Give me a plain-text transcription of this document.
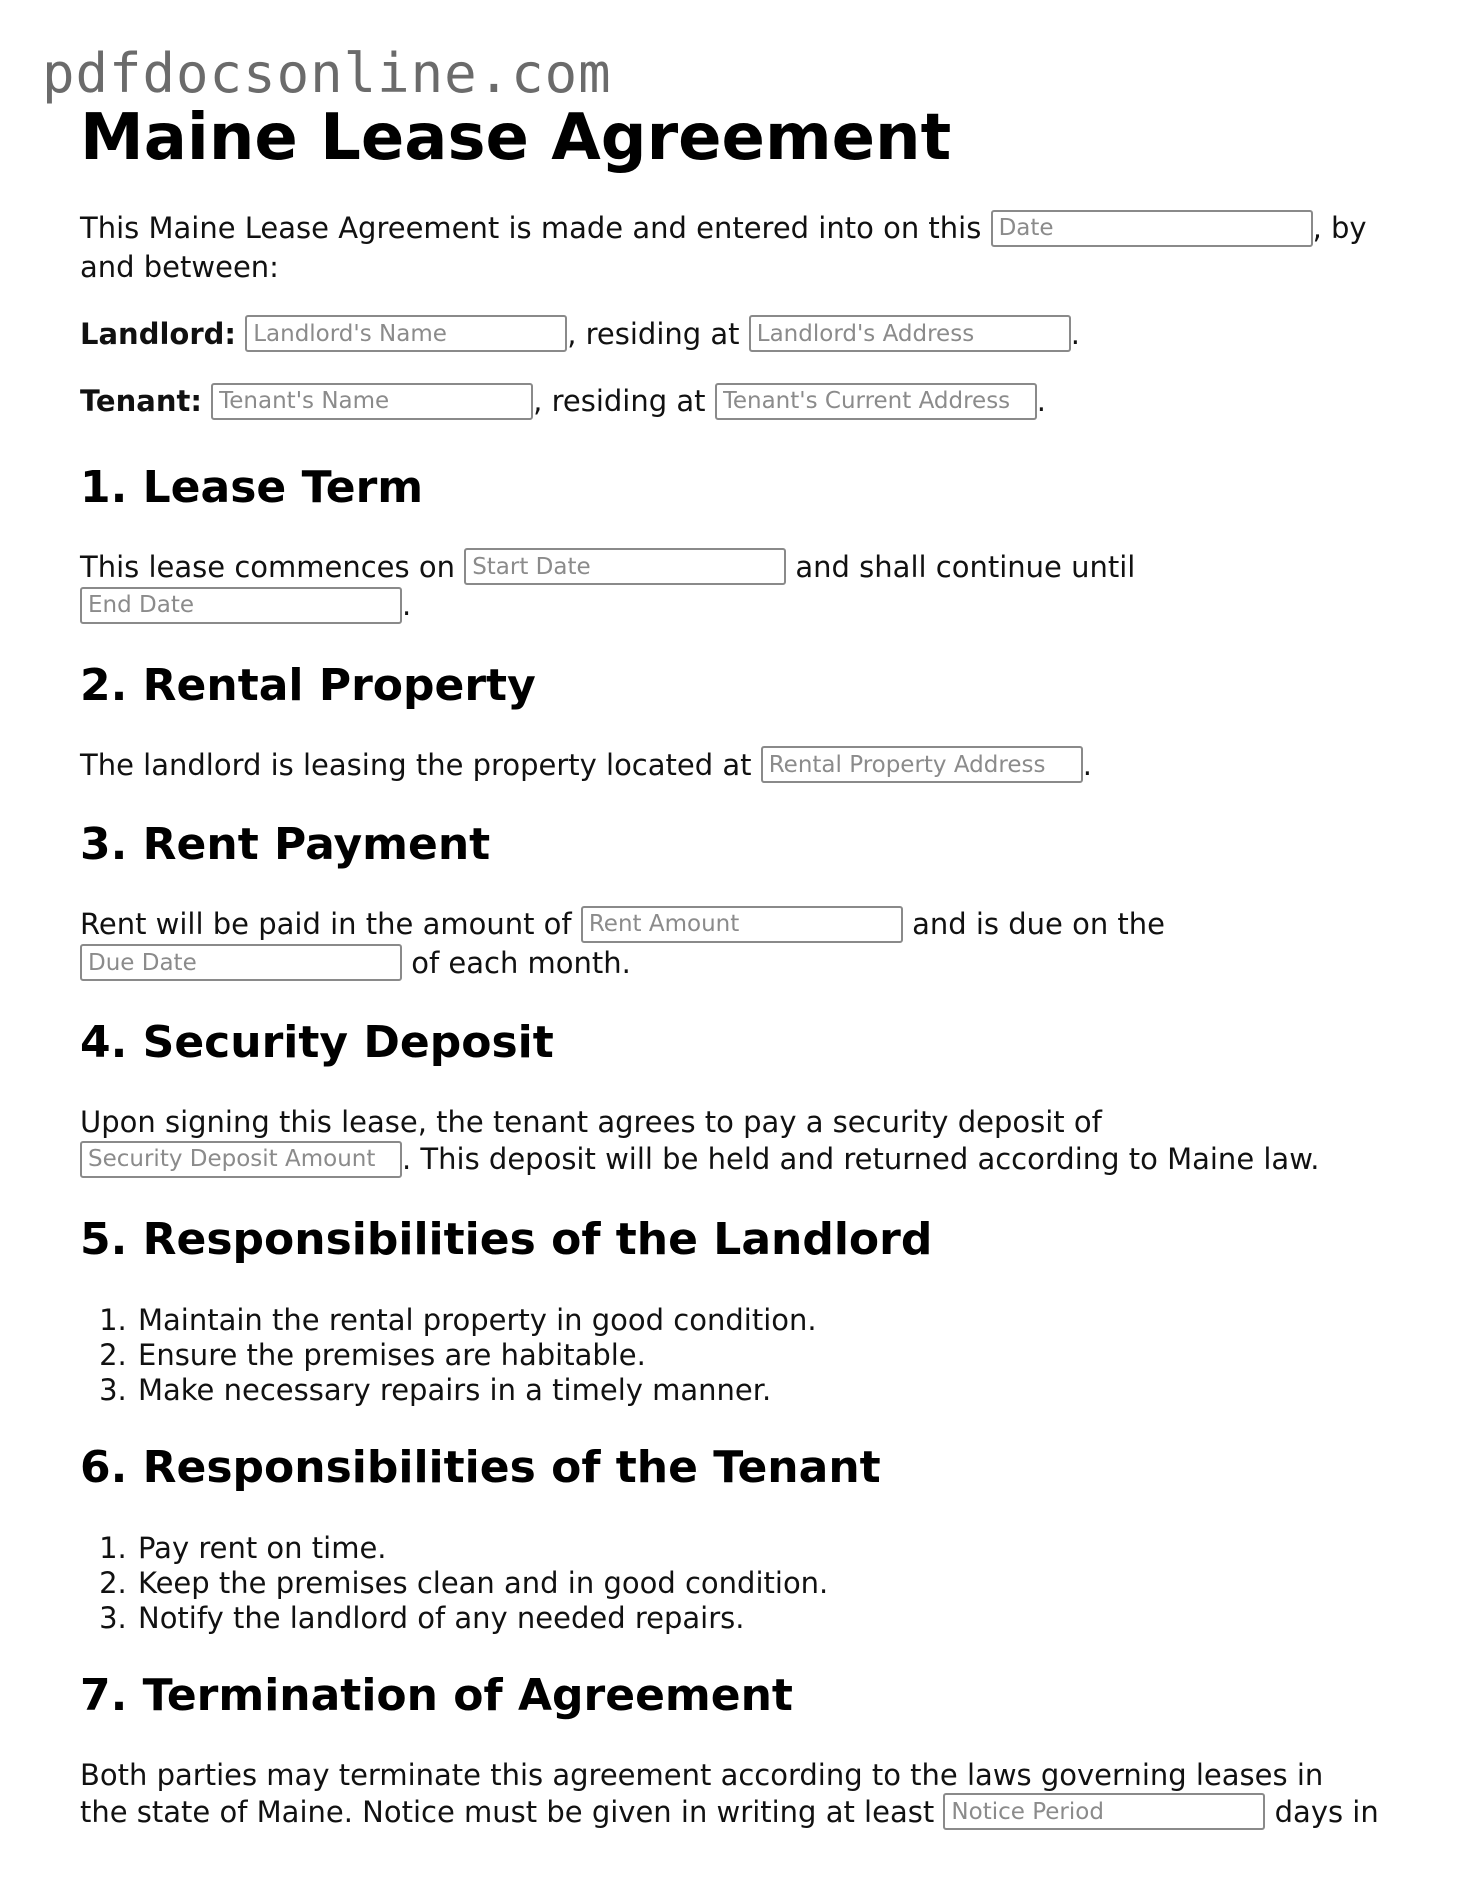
pdfdocsonline.com
Maine Lease Agreement

This Maine Lease Agreement is made and entered into on this Date	, by and between:

Landlord: Landlord's Name	, residing at Landlord's Address	.

Tenant: Tenant's Name	, residing at Tenant's Current Address	.

1. Lease Term

This lease commences on Start Date	and shall continue until End Date.

2. Rental Property

The landlord is leasing the property located at Rental Property Address	.

3. Rent Payment

Rent will be paid in the amount of Rent Amount	and is due on the Due Date of each month.

4. Security Deposit

Upon signing this lease, the tenant agrees to pay a security deposit of Security Deposit Amount. This deposit will be held and returned according to Maine law.

5. Responsibilities of the Landlord
1. Maintain the rental property in good condition.
2. Ensure the premises are habitable.
3. Make necessary repairs in a timely manner.
6. Responsibilities of the Tenant
1. Pay rent on time.
2. Keep the premises clean and in good condition.
3. Notify the landlord of any needed repairs.
7. Termination of Agreement

Both parties may terminate this agreement according to the laws governing leases in the state of Maine. Notice must be given in writing at least Notice Period	days in
